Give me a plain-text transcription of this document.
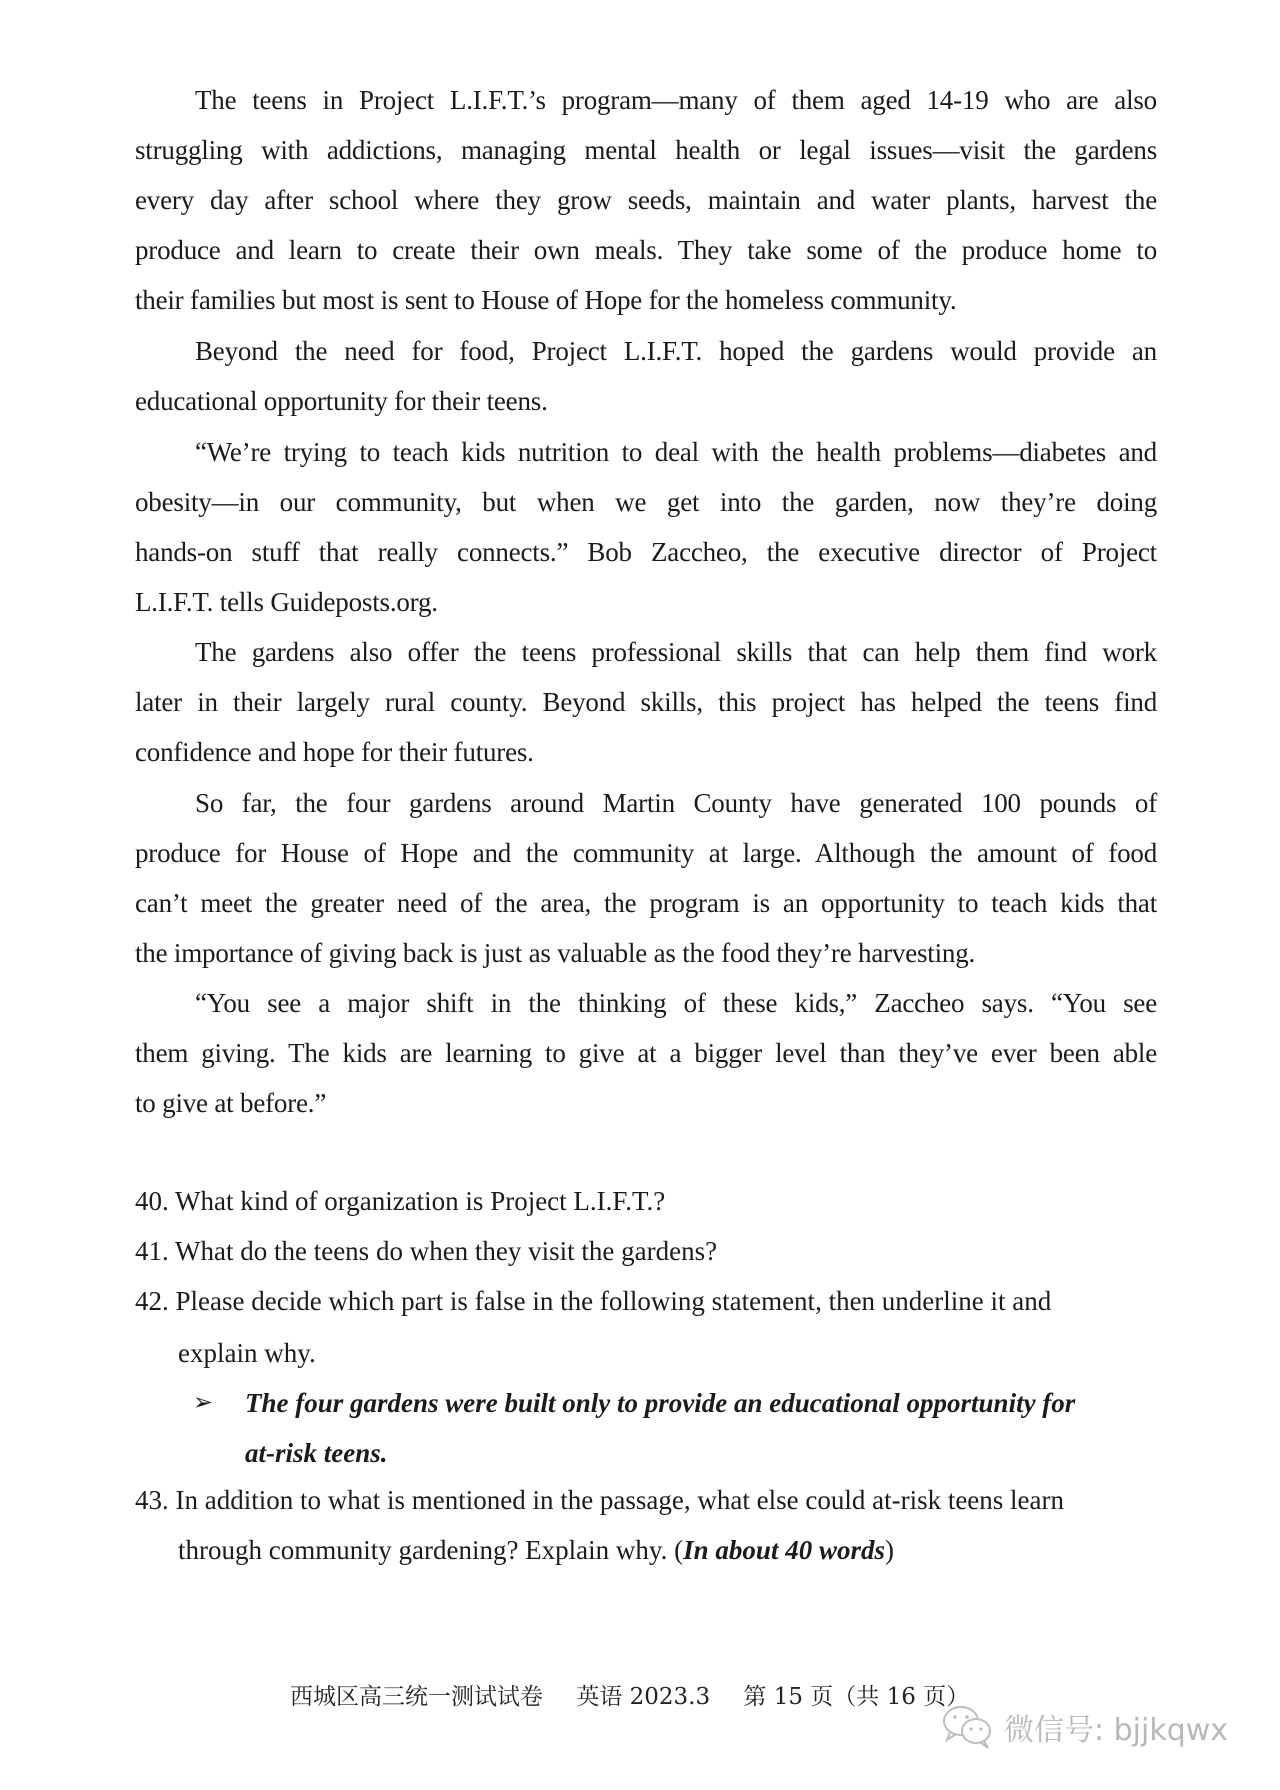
The teens in Project L.I.F.T.’s program—many of them aged 14-19 who are also
struggling with addictions, managing mental health or legal issues—visit the gardens
every day after school where they grow seeds, maintain and water plants, harvest the
produce and learn to create their own meals. They take some of the produce home to
their families but most is sent to House of Hope for the homeless community.
Beyond the need for food, Project L.I.F.T. hoped the gardens would provide an
educational opportunity for their teens.
“We’re trying to teach kids nutrition to deal with the health problems—diabetes and
obesity—in our community, but when we get into the garden, now they’re doing
hands-on stuff that really connects.” Bob Zaccheo, the executive director of Project
L.I.F.T. tells Guideposts.org.
The gardens also offer the teens professional skills that can help them find work
later in their largely rural county. Beyond skills, this project has helped the teens find
confidence and hope for their futures.
So far, the four gardens around Martin County have generated 100 pounds of
produce for House of Hope and the community at large. Although the amount of food
can’t meet the greater need of the area, the program is an opportunity to teach kids that
the importance of giving back is just as valuable as the food they’re harvesting.
“You see a major shift in the thinking of these kids,” Zaccheo says. “You see
them giving. The kids are learning to give at a bigger level than they’ve ever been able
to give at before.”
40. What kind of organization is Project L.I.F.T.?
41. What do the teens do when they visit the gardens?
42. Please decide which part is false in the following statement, then underline it and
explain why.
➢ The four gardens were built only to provide an educational opportunity for
at-risk teens.
43. In addition to what is mentioned in the passage, what else could at-risk teens learn
through community gardening? Explain why. (In about 40 words)
西城区高三统一测试试卷 英语 2023.3 第 15 页（共 16 页）
微信号: bjjkqwx
